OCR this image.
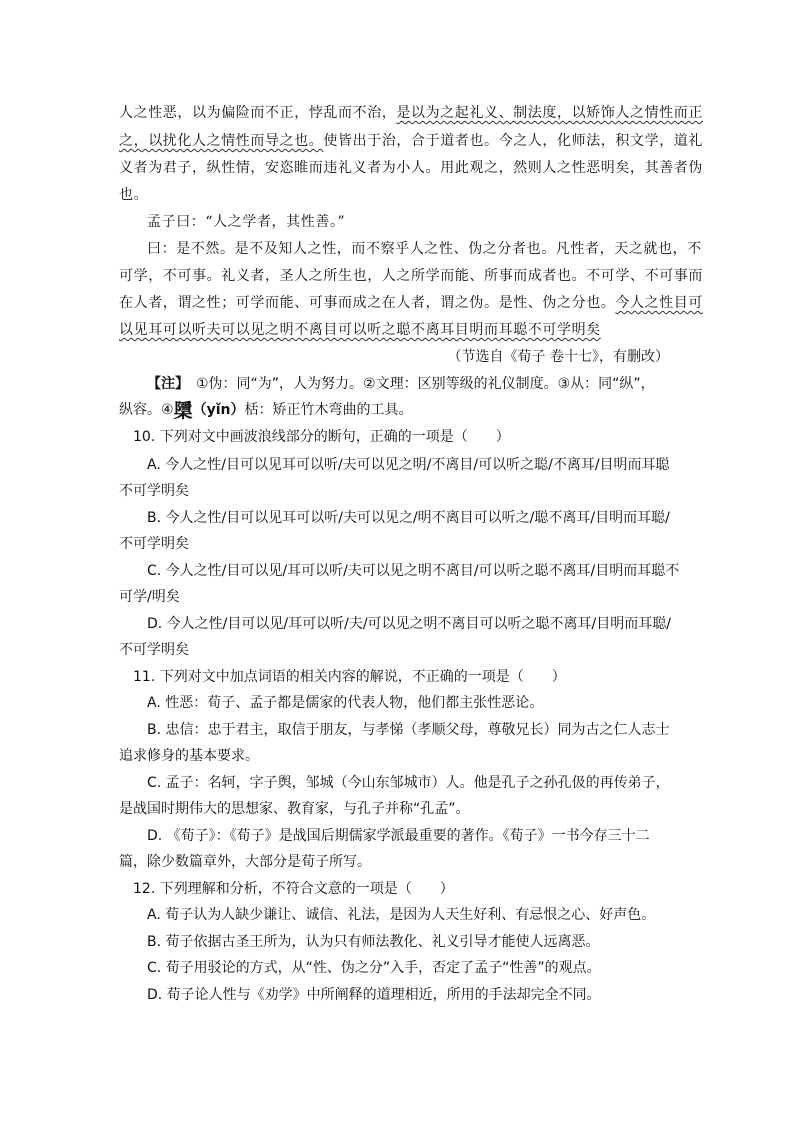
人之性恶，以为偏险而不正，悖乱而不治，是以为之起礼义、制法度，以矫饰人之情性而正
之，以扰化人之情性而导之也。使皆出于治，合于道者也。今之人，化师法，积文学，道礼
义者为君子，纵性情，安恣睢而违礼义者为小人。用此观之，然则人之性恶明矣，其善者伪
也。
孟子曰：“人之学者，其性善。”
曰：是不然。是不及知人之性，而不察乎人之性、伪之分者也。凡性者，天之就也，不
可学，不可事。礼义者，圣人之所生也，人之所学而能、所事而成者也。不可学、不可事而
在人者，谓之性；可学而能、可事而成之在人者，谓之伪。是性、伪之分也。今人之性目可
以见耳可以听夫可以见之明不离目可以听之聪不离耳目明而耳聪不可学明矣
（节选自《荀子 卷十七》，有删改）
【注】　 ①伪：同“为”，人为努力。②文理：区别等级的礼仪制度。③从：同“纵”，
纵容。④檃（yǐn）栝：矫正竹木弯曲的工具。
10. 下列对文中画波浪线部分的断句，正确的一项是（　　）
A. 今人之性/目可以见耳可以听/夫可以见之明/不离目/可以听之聪/不离耳/目明而耳聪
不可学明矣
B. 今人之性/目可以见耳可以听/夫可以见之/明不离目可以听之/聪不离耳/目明而耳聪/
不可学明矣
C. 今人之性/目可以见/耳可以听/夫可以见之明不离目/可以听之聪不离耳/目明而耳聪不
可学/明矣
D. 今人之性/目可以见/耳可以听/夫/可以见之明不离目可以听之聪不离耳/目明而耳聪/
不可学明矣
11. 下列对文中加点词语的相关内容的解说，不正确的一项是（　　）
A. 性恶：荀子、孟子都是儒家的代表人物，他们都主张性恶论。
B. 忠信：忠于君主，取信于朋友，与孝悌（孝顺父母，尊敬兄长）同为古之仁人志士
追求修身的基本要求。
C. 孟子：名轲，字子舆，邹城（今山东邹城市）人。他是孔子之孙孔伋的再传弟子，
是战国时期伟大的思想家、教育家，与孔子并称“孔孟”。
D. 《荀子》：《荀子》是战国后期儒家学派最重要的著作。《荀子》一书今存三十二
篇，除少数篇章外，大部分是荀子所写。
12. 下列理解和分析，不符合文意的一项是（　　）
A. 荀子认为人缺少谦让、诚信、礼法，是因为人天生好利、有忌恨之心、好声色。
B. 荀子依据古圣王所为，认为只有师法教化、礼义引导才能使人远离恶。
C. 荀子用驳论的方式，从“性、伪之分”入手，否定了孟子“性善”的观点。
D. 荀子论人性与《劝学》中所阐释的道理相近，所用的手法却完全不同。
